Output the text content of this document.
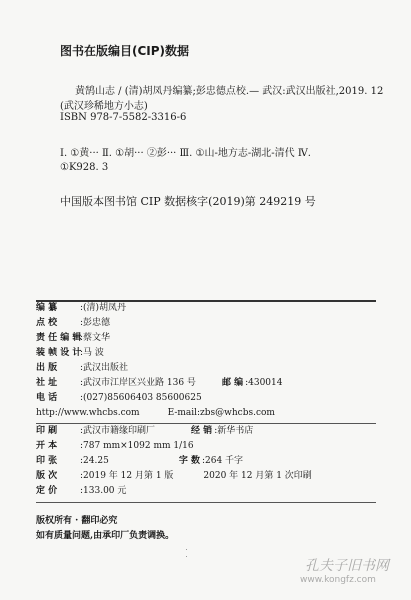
图书在版编目(CIP)数据
黄鹄山志 / (清)胡凤丹编纂;彭忠德点校.— 武汉:武汉出版社,2019. 12
(武汉珍稀地方小志)
ISBN 978-7-5582-3316-6
Ⅰ. ①黄··· Ⅱ. ①胡··· ②彭··· Ⅲ. ①山-地方志-湖北-清代 Ⅳ.
①K928. 3
中国版本图书馆 CIP 数据核字(2019)第 249219 号
编 纂	:(清)胡凤丹
点 校	:彭忠德
责 任 编 辑:蔡文华
装 帧 设 计:马 波
出 版	:武汉出版社
社 址	:武汉市江岸区兴业路 136 号	邮 编 :430014
电 话	:(027)85606403 85600625
http://www.whcbs.com	E-mail:zbs@whcbs.com
印 刷	:武汉市籍缘印刷厂	经 销 :新华书店
开 本	:787 mm×1092 mm 1/16
印 张	:24.25	字 数 :264 千字
版 次	:2019 年 12 月第 1 版	2020 年 12 月第 1 次印刷
定 价	:133.00 元
版权所有 · 翻印必究
如有质量问题,由承印厂负责调换。
孔夫子旧书网
www.kongfz.com
